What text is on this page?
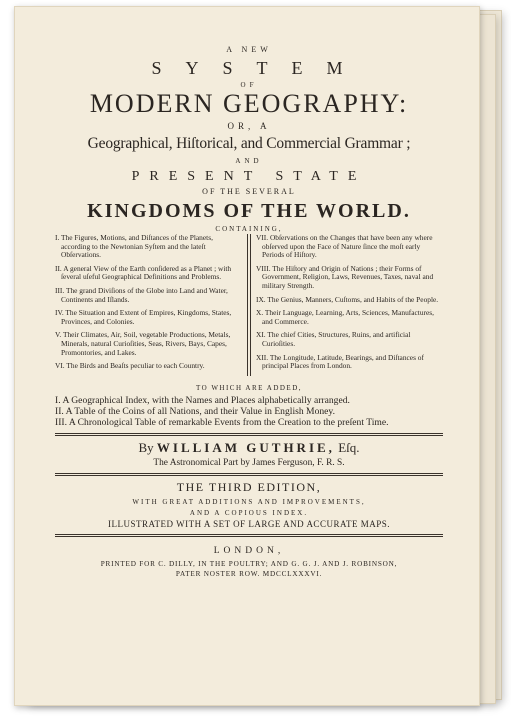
A NEW
SYSTEM
OF
MODERN GEOGRAPHY:
OR, A
Geographical, Hiſtorical, and Commercial Grammar ;
AND
PRESENT STATE
OF THE SEVERAL
KINGDOMS OF THE WORLD.
CONTAINING,
I. The Figures, Motions, and Diſtances of the Planets, according to the Newtonian Syſtem and the lateſt Obſervations.
II. A general View of the Earth conſidered as a Planet ; with ſeveral uſeful Geographical Definitions and Problems.
III. The grand Diviſions of the Globe into Land and Water, Continents and Iſlands.
IV. The Situation and Extent of Empires, Kingdoms, States, Provinces, and Colonies.
V. Their Climates, Air, Soil, vegetable Productions, Metals, Minerals, natural Curioſities, Seas, Rivers, Bays, Capes, Promontories, and Lakes.
VI. The Birds and Beaſts peculiar to each Country.
VII. Obſervations on the Changes that have been any where obſerved upon the Face of Nature ſince the moſt early Periods of Hiſtory.
VIII. The Hiſtory and Origin of Nations ; their Forms of Government, Religion, Laws, Revenues, Taxes, naval and military Strength.
IX. The Genius, Manners, Cuſtoms, and Habits of the People.
X. Their Language, Learning, Arts, Sciences, Manufactures, and Commerce.
XI. The chief Cities, Structures, Ruins, and artificial Curioſities.
XII. The Longitude, Latitude, Bearings, and Diſtances of principal Places from London.
TO WHICH ARE ADDED,
I. A Geographical Index, with the Names and Places alphabetically arranged.
II. A Table of the Coins of all Nations, and their Value in English Money.
III. A Chronological Table of remarkable Events from the Creation to the preſent Time.
By WILLIAM GUTHRIE, Eſq.
The Astronomical Part by James Ferguson, F. R. S.
THE THIRD EDITION,
WITH GREAT ADDITIONS AND IMPROVEMENTS,
AND A COPIOUS INDEX.
ILLUSTRATED WITH A SET OF LARGE AND ACCURATE MAPS.
LONDON,
PRINTED FOR C. DILLY, IN THE POULTRY; AND G. G. J. AND J. ROBINSON,
PATER NOSTER ROW. MDCCLXXXVI.
